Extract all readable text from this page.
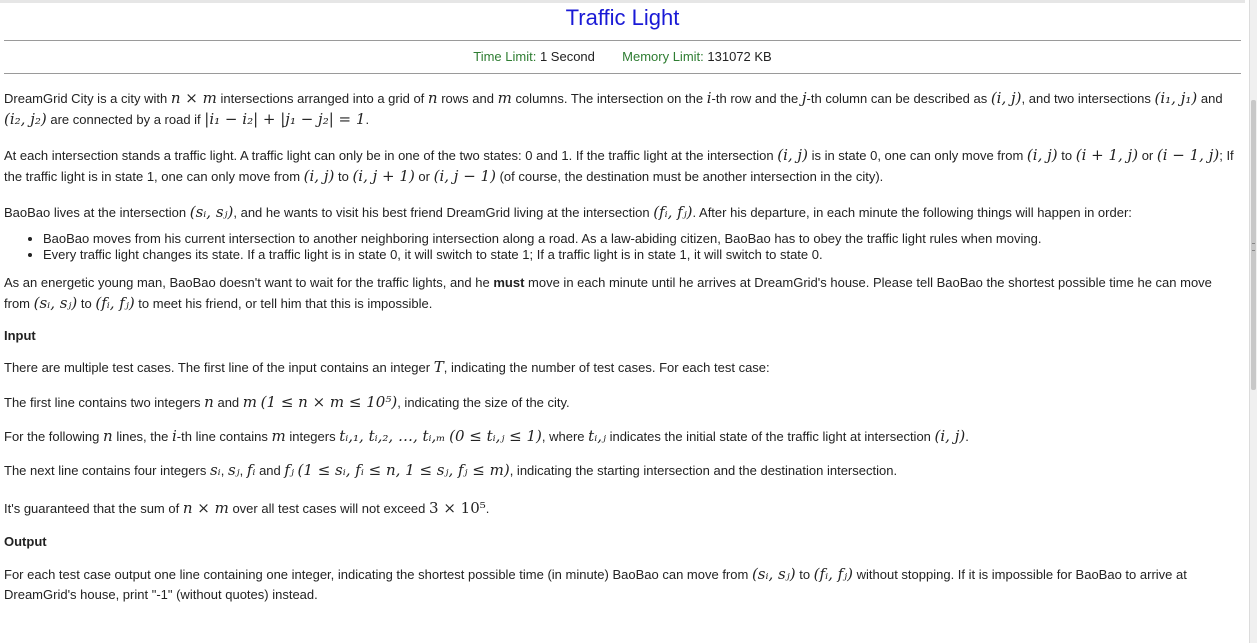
Traffic Light
Time Limit: 1 Second Memory Limit: 131072 KB

DreamGrid City is a city with n × m intersections arranged into a grid of n rows and m columns. The intersection on the i-th row and the j-th column can be described as (i, j), and two intersections (i₁, j₁) and (i₂, j₂) are connected by a road if |i₁ − i₂| + |j₁ − j₂| = 1.

At each intersection stands a traffic light. A traffic light can only be in one of the two states: 0 and 1. If the traffic light at the intersection (i, j) is in state 0, one can only move from (i, j) to (i + 1, j) or (i − 1, j); If the traffic light is in state 1, one can only move from (i, j) to (i, j + 1) or (i, j − 1) (of course, the destination must be another intersection in the city).

BaoBao lives at the intersection (sᵢ, sⱼ), and he wants to visit his best friend DreamGrid living at the intersection (fᵢ, fⱼ). After his departure, in each minute the following things will happen in order:

• BaoBao moves from his current intersection to another neighboring intersection along a road. As a law-abiding citizen, BaoBao has to obey the traffic light rules when moving.
• Every traffic light changes its state. If a traffic light is in state 0, it will switch to state 1; If a traffic light is in state 1, it will switch to state 0.

As an energetic young man, BaoBao doesn't want to wait for the traffic lights, and he must move in each minute until he arrives at DreamGrid's house. Please tell BaoBao the shortest possible time he can move from (sᵢ, sⱼ) to (fᵢ, fⱼ) to meet his friend, or tell him that this is impossible.

Input

There are multiple test cases. The first line of the input contains an integer T, indicating the number of test cases. For each test case:

The first line contains two integers n and m (1 ≤ n × m ≤ 10⁵), indicating the size of the city.

For the following n lines, the i-th line contains m integers tᵢ,₁, tᵢ,₂, …, tᵢ,ₘ (0 ≤ tᵢ,ⱼ ≤ 1), where tᵢ,ⱼ indicates the initial state of the traffic light at intersection (i, j).

The next line contains four integers sᵢ, sⱼ, fᵢ and fⱼ (1 ≤ sᵢ, fᵢ ≤ n, 1 ≤ sⱼ, fⱼ ≤ m), indicating the starting intersection and the destination intersection.

It's guaranteed that the sum of n × m over all test cases will not exceed 3 × 10⁵.

Output

For each test case output one line containing one integer, indicating the shortest possible time (in minute) BaoBao can move from (sᵢ, sⱼ) to (fᵢ, fⱼ) without stopping. If it is impossible for BaoBao to arrive at DreamGrid's house, print "-1" (without quotes) instead.
